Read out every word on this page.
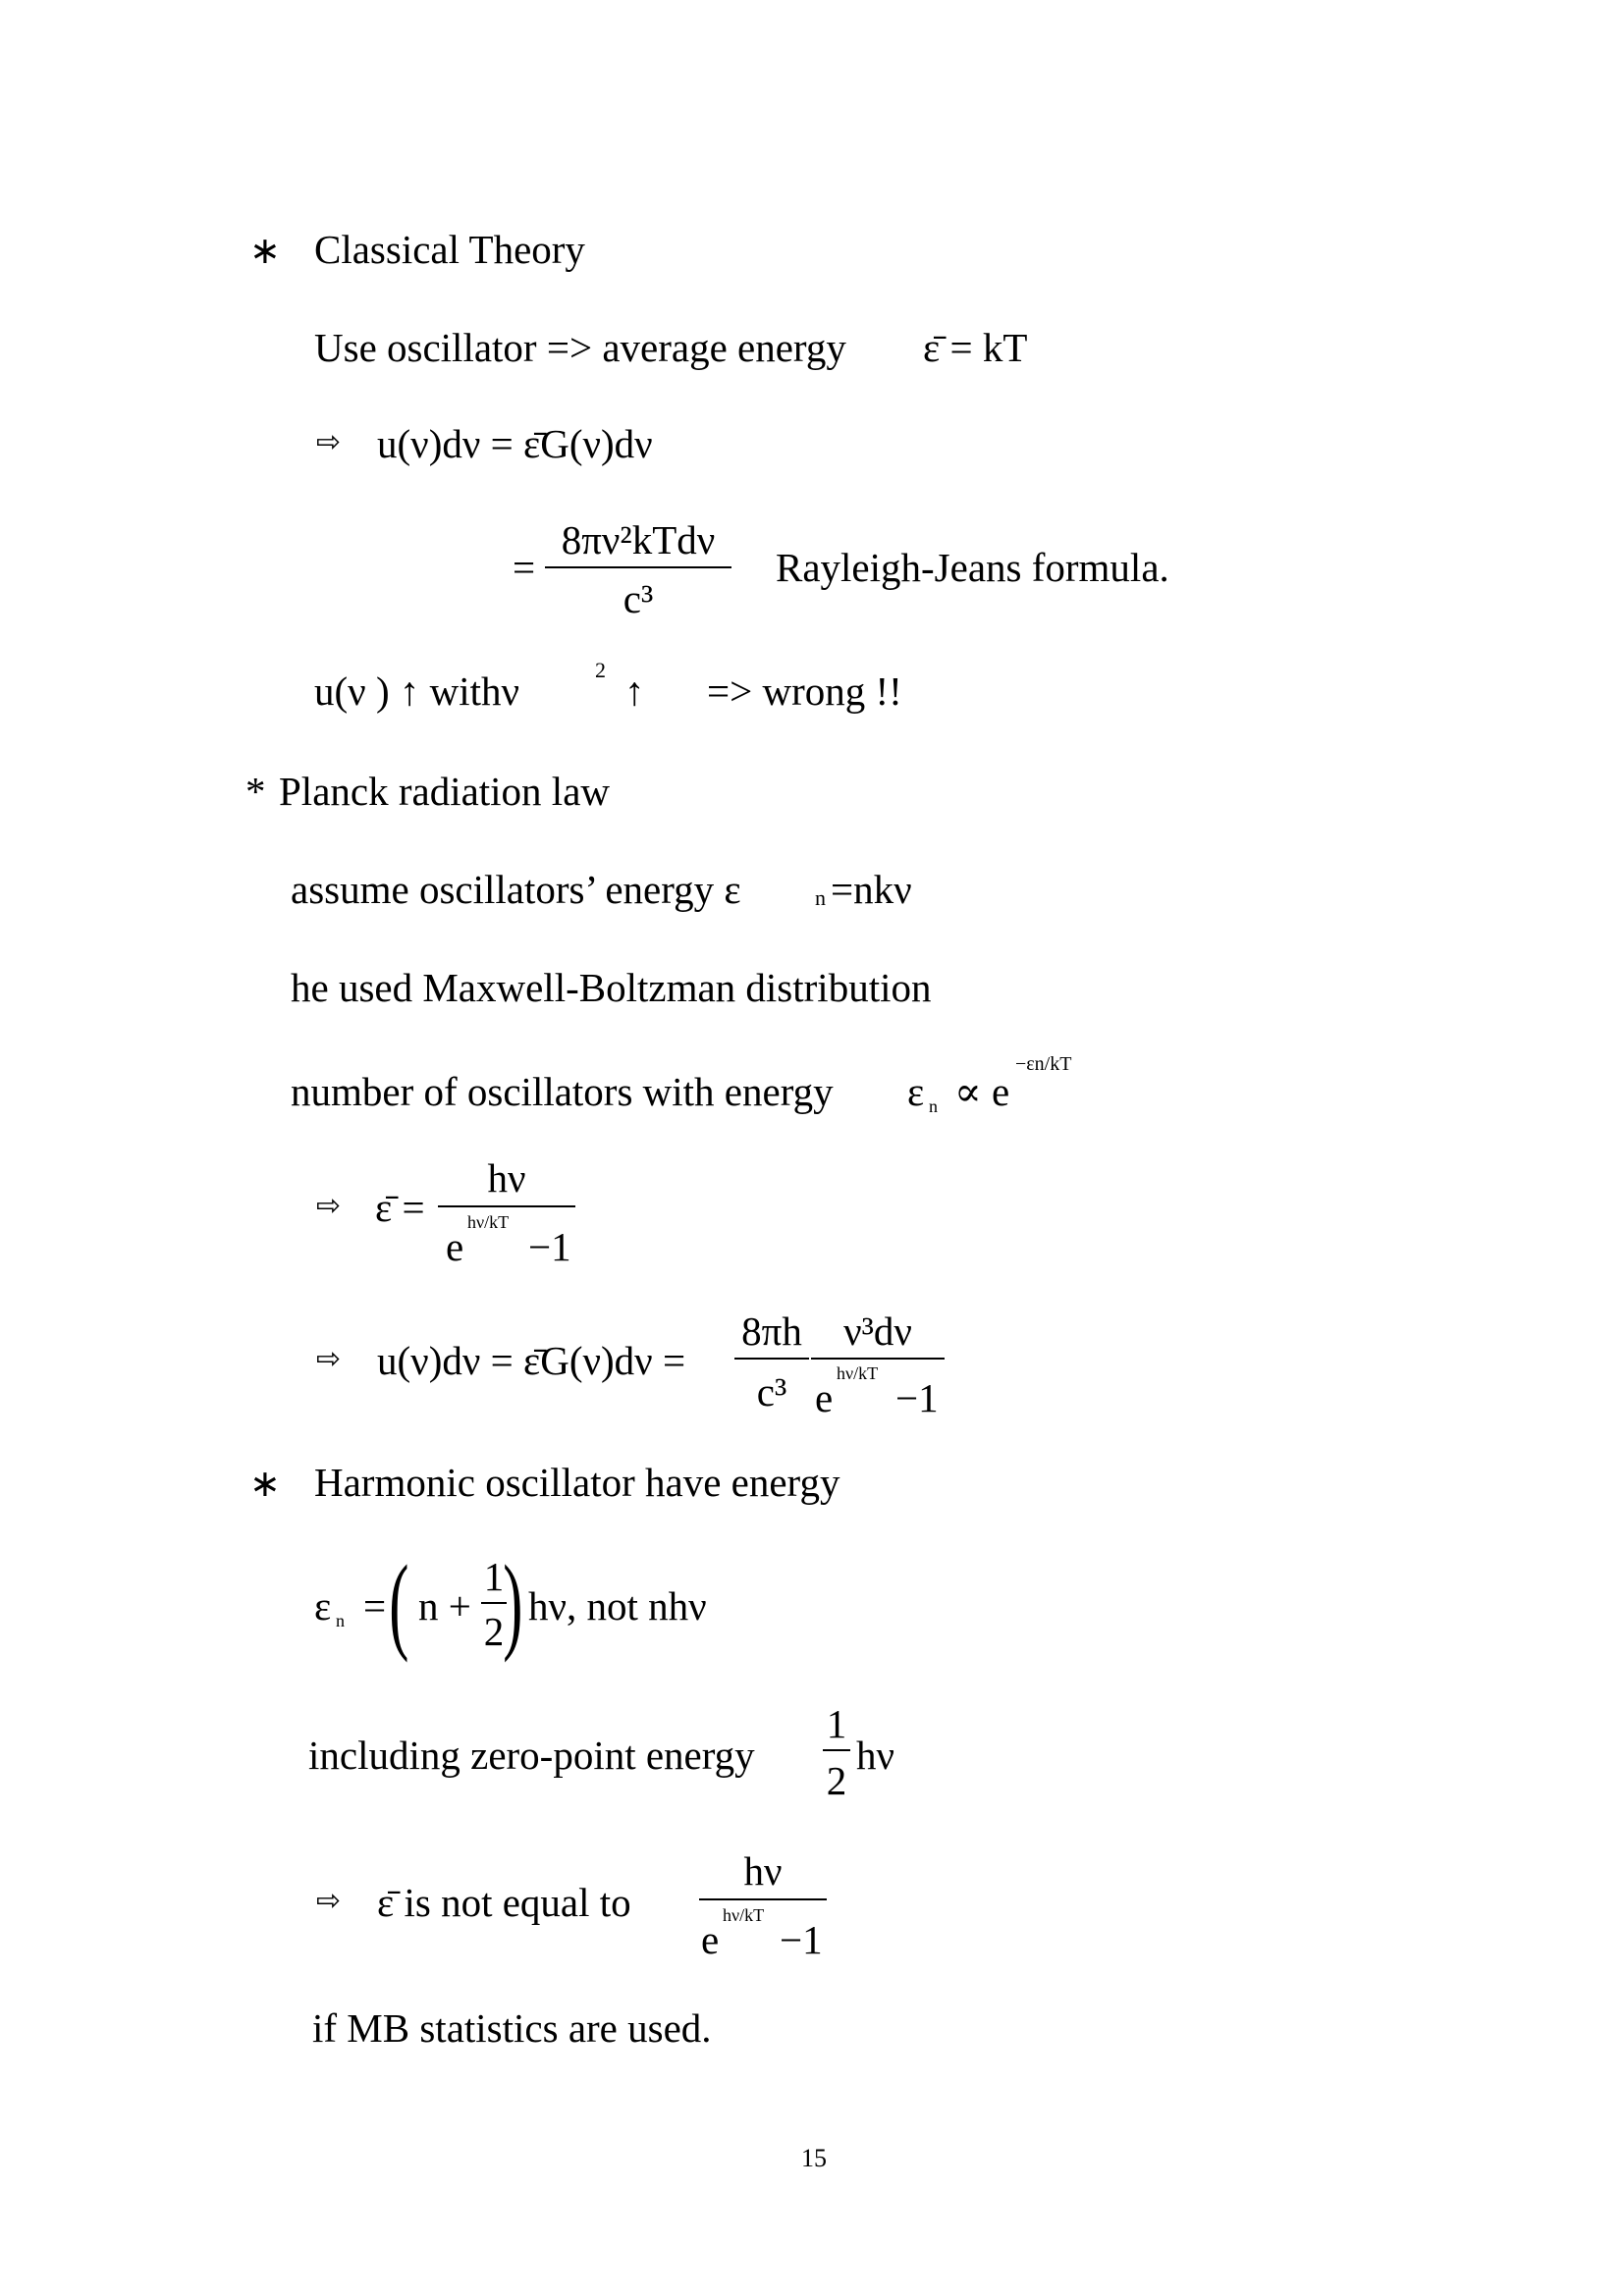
∗ Classical Theory
Use oscillator => average energy ε̄ = kT
⇨ u(ν)dν = ε̄G(ν)dν
=
8πν²kTdν
c³
Rayleigh-Jeans formula.
u(ν ) ↑ withν	2 ↑ => wrong !!
* Planck radiation law
assume oscillators’ energy ε	n =nkν
he used Maxwell-Boltzman distribution
number of oscillators with energy ε n ∝ e
−εn/kT
⇨ ε̄ =
hν
e
hν/kT
−1
⇨ u(ν)dν = ε̄G(ν)dν =
8πh
c³
ν³dν
e
hν/kT
−1
∗ Harmonic oscillator have energy
ε n = ( n +
1
2
) hν, not nhν
including zero-point energy
1
2
hν
⇨ ε̄ is not equal to
hν
e
hν/kT
−1
if MB statistics are used.
15
